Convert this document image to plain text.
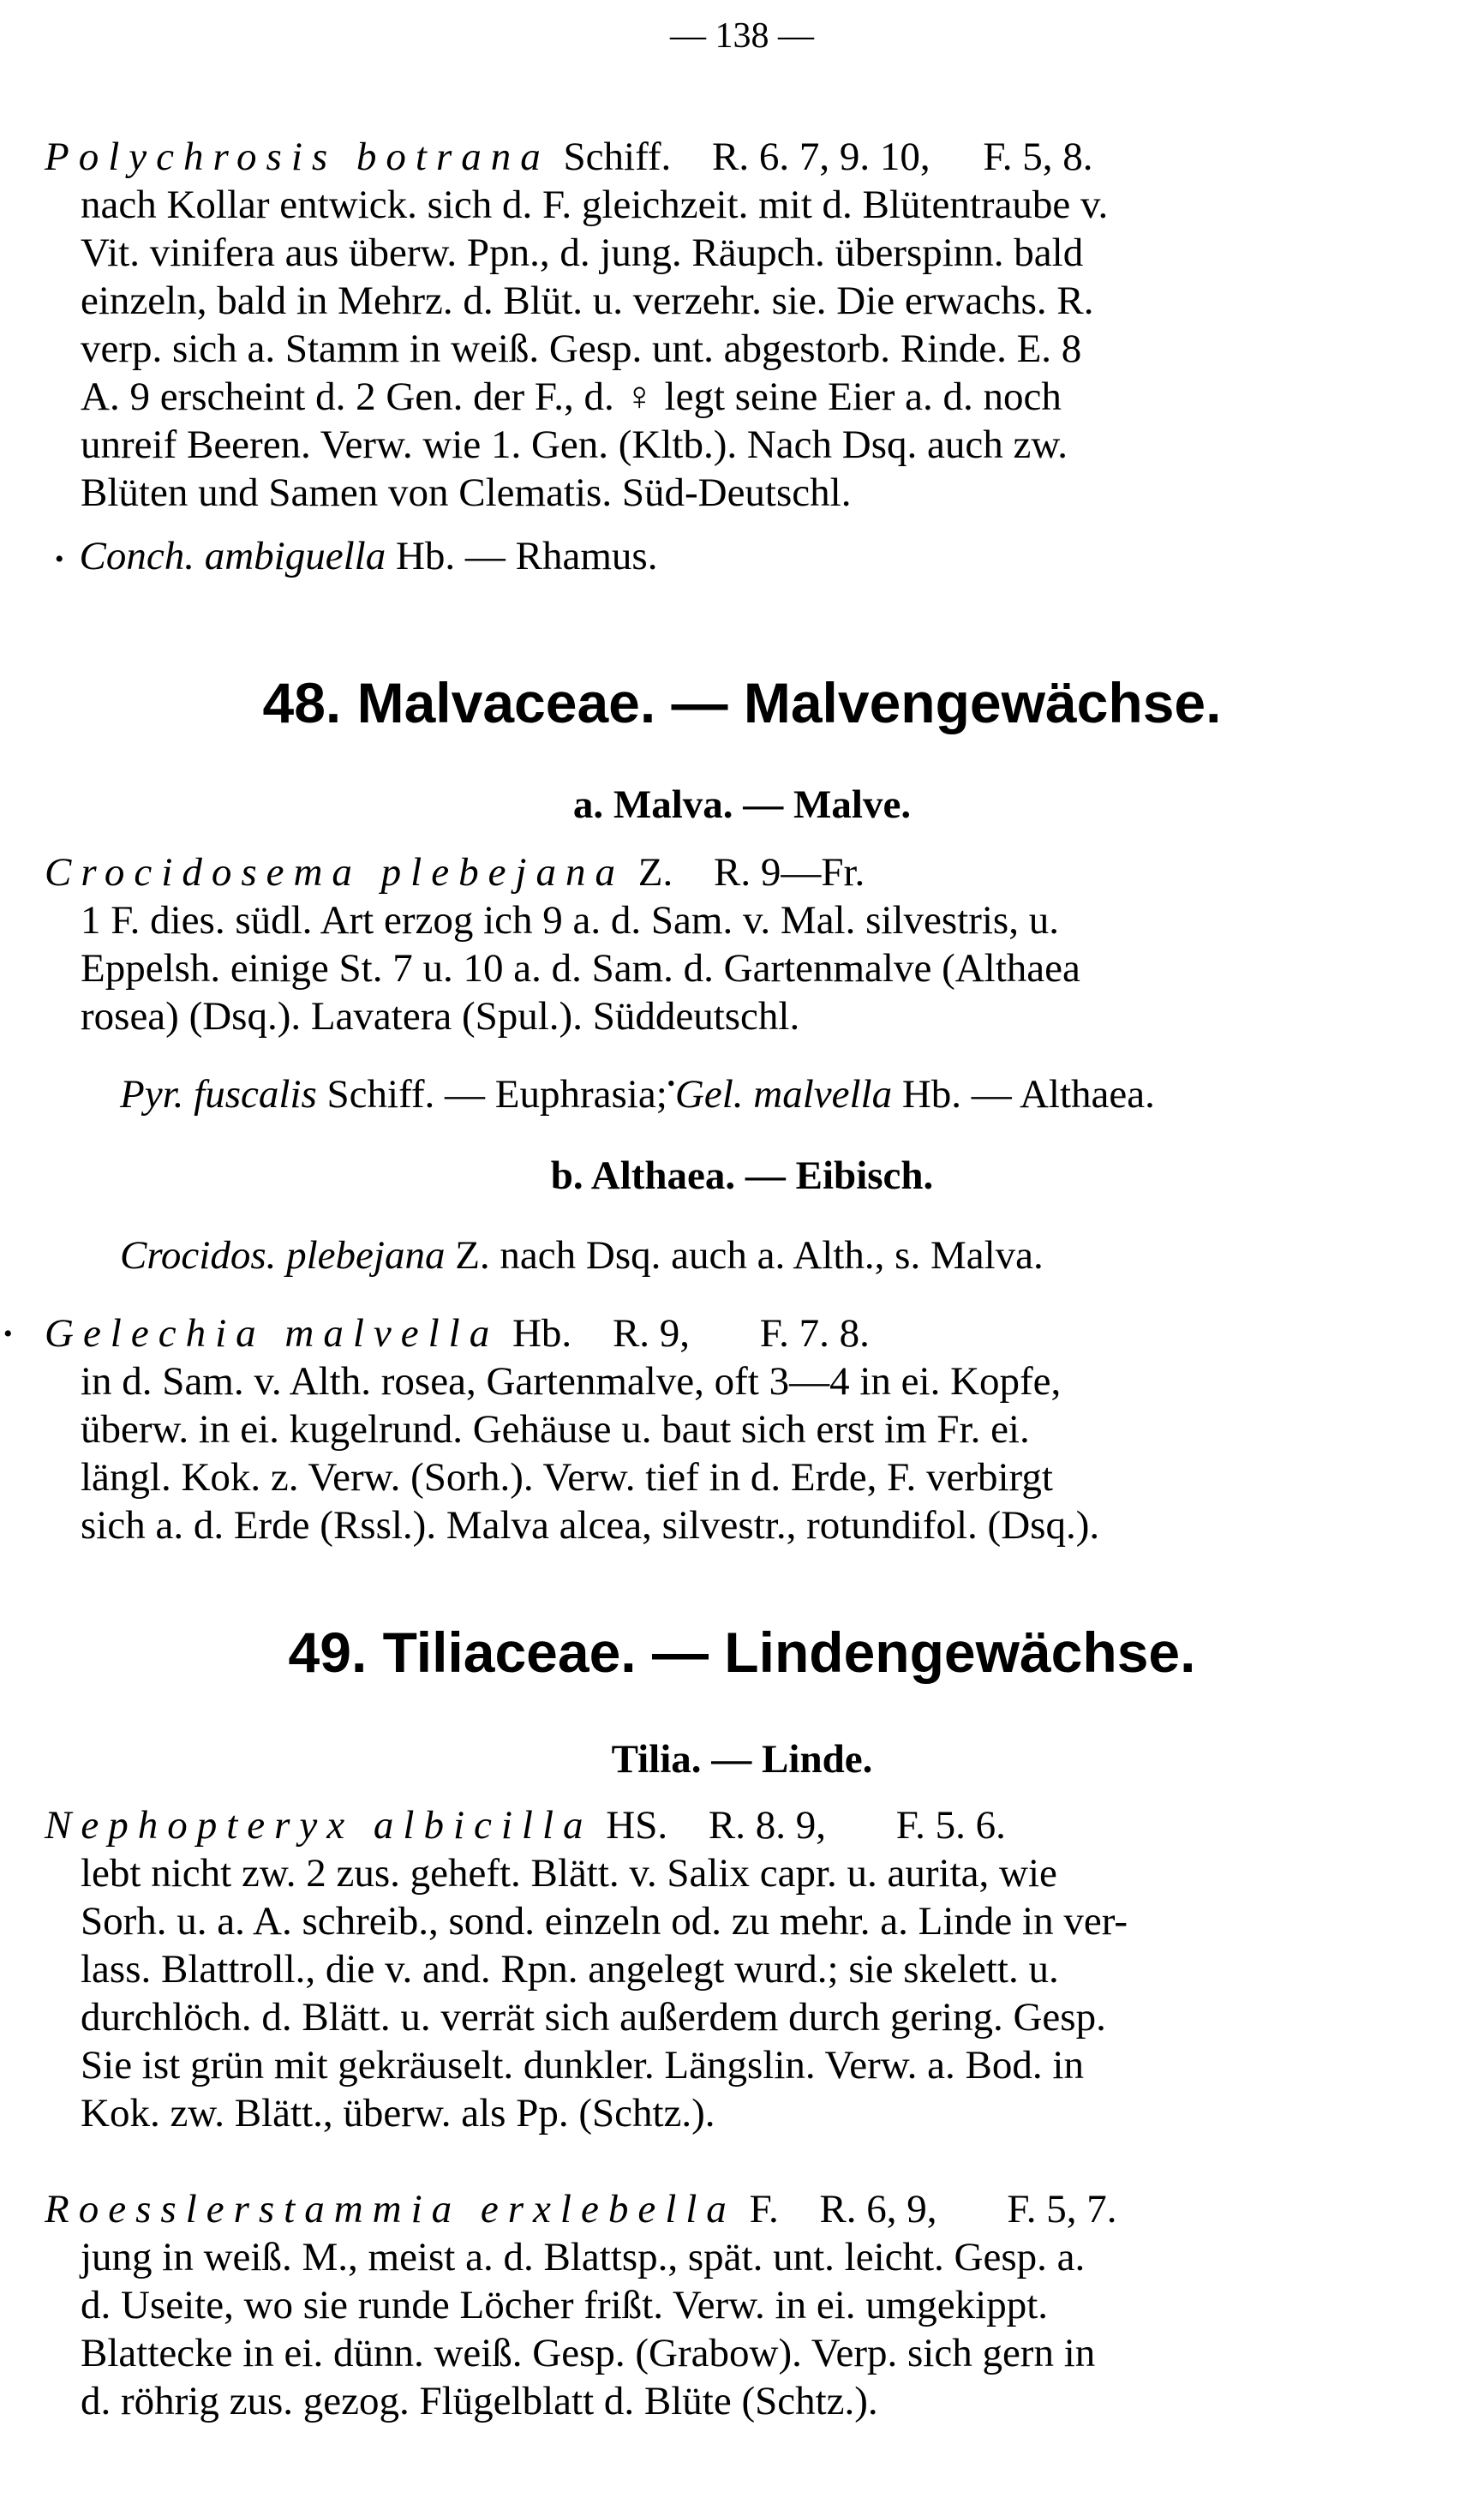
— 138 —
Polychrosis botrana Schiff. R. 6. 7, 9. 10, F. 5, 8.
nach Kollar entwick. sich d. F. gleichzeit. mit d. Blütentraube v.
Vit. vinifera aus überw. Ppn., d. jung. Räupch. überspinn. bald
einzeln, bald in Mehrz. d. Blüt. u. verzehr. sie. Die erwachs. R.
verp. sich a. Stamm in weiß. Gesp. unt. abgestorb. Rinde. E. 8
A. 9 erscheint d. 2 Gen. der F., d. ♀ legt seine Eier a. d. noch
unreif Beeren. Verw. wie 1. Gen. (Kltb.). Nach Dsq. auch zw.
Blüten und Samen von Clematis. Süd-Deutschl.
• Conch. ambiguella Hb. — Rhamus.
48. Malvaceae. — Malvengewächse.
a. Malva. — Malve.
Crocidosema plebejana Z. R. 9—Fr.
1 F. dies. südl. Art erzog ich 9 a. d. Sam. v. Mal. silvestris, u.
Eppelsh. einige St. 7 u. 10 a. d. Sam. d. Gartenmalve (Althaea
rosea) (Dsq.). Lavatera (Spul.). Süddeutschl.
Pyr. fuscalis Schiff. — Euphrasia;•Gel. malvella Hb. — Althaea.
b. Althaea. — Eibisch.
Crocidos. plebejana Z. nach Dsq. auch a. Alth., s. Malva.
• Gelechia malvella Hb. R. 9, F. 7. 8.
in d. Sam. v. Alth. rosea, Gartenmalve, oft 3—4 in ei. Kopfe,
überw. in ei. kugelrund. Gehäuse u. baut sich erst im Fr. ei.
längl. Kok. z. Verw. (Sorh.). Verw. tief in d. Erde, F. verbirgt
sich a. d. Erde (Rssl.). Malva alcea, silvestr., rotundifol. (Dsq.).
49. Tiliaceae. — Lindengewächse.
Tilia. — Linde.
Nephopteryx albicilla HS. R. 8. 9, F. 5. 6.
lebt nicht zw. 2 zus. geheft. Blätt. v. Salix capr. u. aurita, wie
Sorh. u. a. A. schreib., sond. einzeln od. zu mehr. a. Linde in ver-
lass. Blattroll., die v. and. Rpn. angelegt wurd.; sie skelett. u.
durchlöch. d. Blätt. u. verrät sich außerdem durch gering. Gesp.
Sie ist grün mit gekräuselt. dunkler. Längslin. Verw. a. Bod. in
Kok. zw. Blätt., überw. als Pp. (Schtz.).
Roesslerstammia erxlebella F. R. 6, 9, F. 5, 7.
jung in weiß. M., meist a. d. Blattsp., spät. unt. leicht. Gesp. a.
d. Useite, wo sie runde Löcher frißt. Verw. in ei. umgekippt.
Blattecke in ei. dünn. weiß. Gesp. (Grabow). Verp. sich gern in
d. röhrig zus. gezog. Flügelblatt d. Blüte (Schtz.).
